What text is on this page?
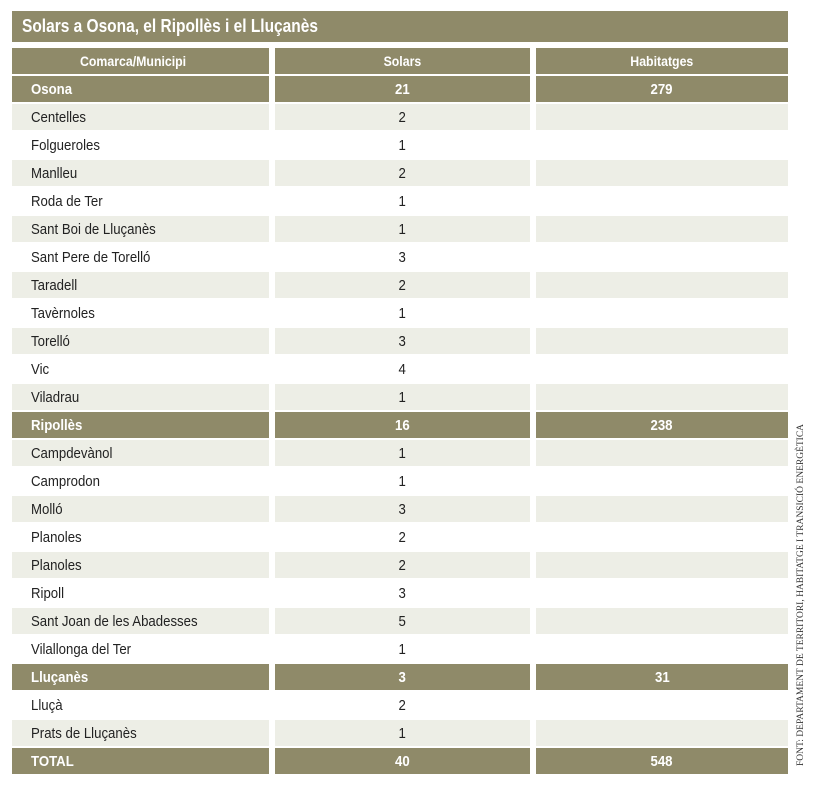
Solars a Osona, el Ripollès i el Lluçanès
Comarca/Municipi	Solars	Habitatges
Osona	21	279
Centelles	2
Folgueroles	1
Manlleu	2
Roda de Ter	1
Sant Boi de Lluçanès	1
Sant Pere de Torelló	3
Taradell	2
Tavèrnoles	1
Torelló	3
Vic	4
Viladrau	1
Ripollès	16	238
Campdevànol	1
Camprodon	1
Molló	3
Planoles	2
Planoles	2
Ripoll	3
Sant Joan de les Abadesses	5
Vilallonga del Ter	1
Lluçanès	3	31
Lluçà	2
Prats de Lluçanès	1
TOTAL	40	548	FONT: DEPARTAMENT DE TERRITORI, HABITATGE I TRANSICIÓ ENERGÈTICA
